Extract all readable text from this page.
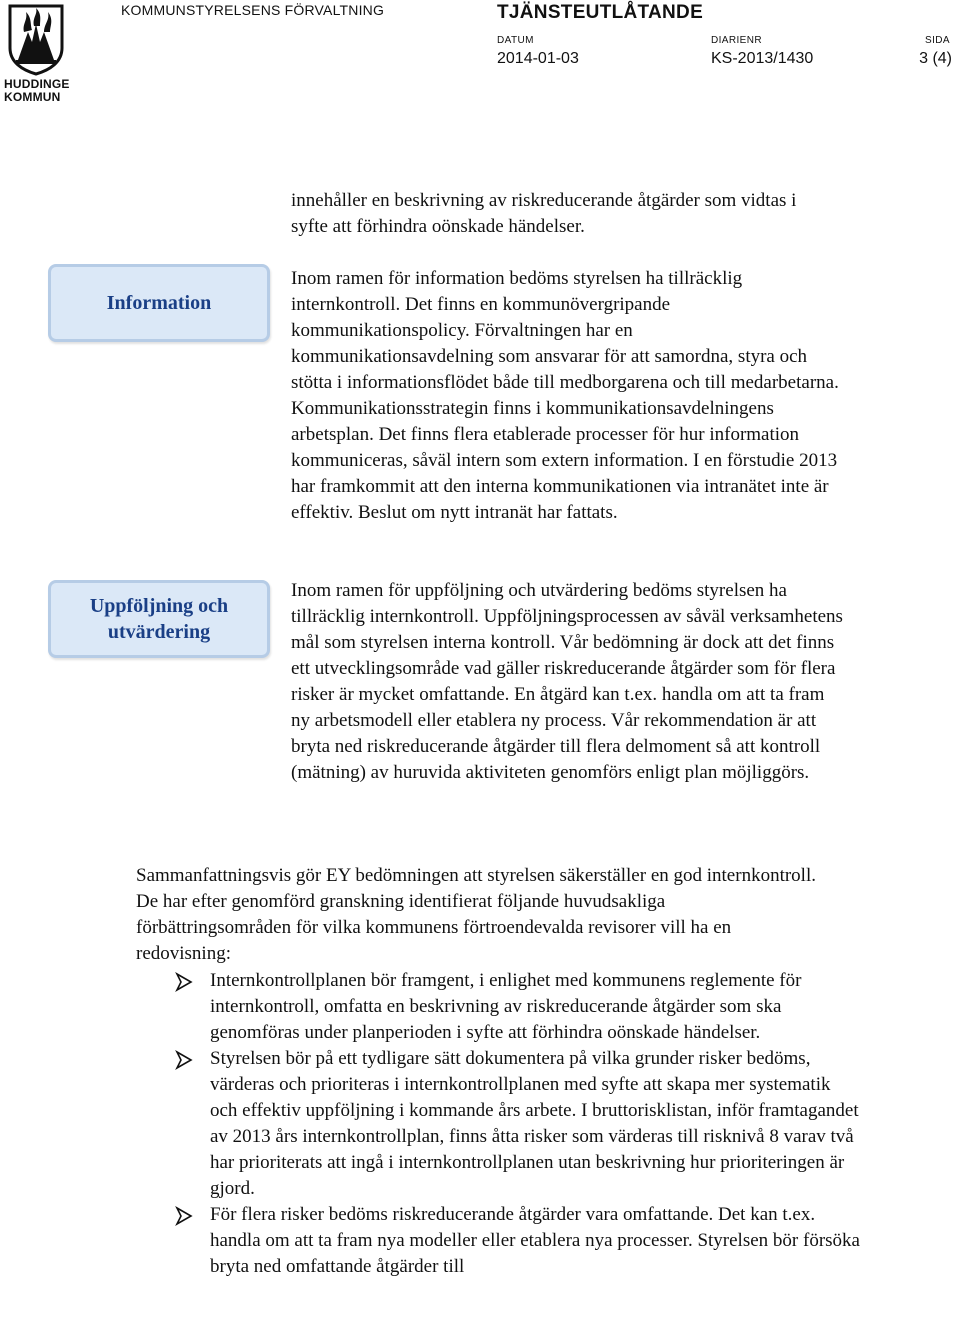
HUDDINGE
KOMMUN
KOMMUNSTYRELSENS FÖRVALTNING	TJÄNSTEUTLÅTANDE
DATUM
2014-01-03
DIARIENR
KS-2013/1430
SIDA
3 (4)

innehåller en beskrivning av riskreducerande åtgärder som vidtas i syfte att förhindra oönskade händelser.

Information

Inom ramen för information bedöms styrelsen ha tillräcklig internkontroll. Det finns en kommunövergripande kommunikationspolicy. Förvaltningen har en kommunikationsavdelning som ansvarar för att samordna, styra och stötta i informationsflödet både till medborgarena och till medarbetarna. Kommunikationsstrategin finns i kommunikationsavdelningens arbetsplan. Det finns flera etablerade processer för hur information kommuniceras, såväl intern som extern information. I en förstudie 2013 har framkommit att den interna kommunikationen via intranätet inte är effektiv. Beslut om nytt intranät har fattats.

Uppföljning och
utvärdering

Inom ramen för uppföljning och utvärdering bedöms styrelsen ha tillräcklig internkontroll. Uppföljningsprocessen av såväl verksamhetens mål som styrelsen interna kontroll. Vår bedömning är dock att det finns ett utvecklingsområde vad gäller riskreducerande åtgärder som för flera risker är mycket omfattande. En åtgärd kan t.ex. handla om att ta fram ny arbetsmodell eller etablera ny process. Vår rekommendation är att bryta ned riskreducerande åtgärder till flera delmoment så att kontroll (mätning) av huruvida aktiviteten genomförs enligt plan möjliggörs.

Sammanfattningsvis gör EY bedömningen att styrelsen säkerställer en god internkontroll. De har efter genomförd granskning identifierat följande huvudsakliga förbättringsområden för vilka kommunens förtroendevalda revisorer vill ha en redovisning:

Internkontrollplanen bör framgent, i enlighet med kommunens reglemente för internkontroll, omfatta en beskrivning av riskreducerande åtgärder som ska genomföras under planperioden i syfte att förhindra oönskade händelser.
Styrelsen bör på ett tydligare sätt dokumentera på vilka grunder risker bedöms, värderas och prioriteras i internkontrollplanen med syfte att skapa mer systematik och effektiv uppföljning i kommande års arbete. I bruttorisklistan, inför framtagandet av 2013 års internkontrollplan, finns åtta risker som värderas till risknivå 8 varav två har prioriterats att ingå i internkontrollplanen utan beskrivning hur prioriteringen är gjord.
För flera risker bedöms riskreducerande åtgärder vara omfattande. Det kan t.ex. handla om att ta fram nya modeller eller etablera nya processer. Styrelsen bör försöka bryta ned omfattande åtgärder till
